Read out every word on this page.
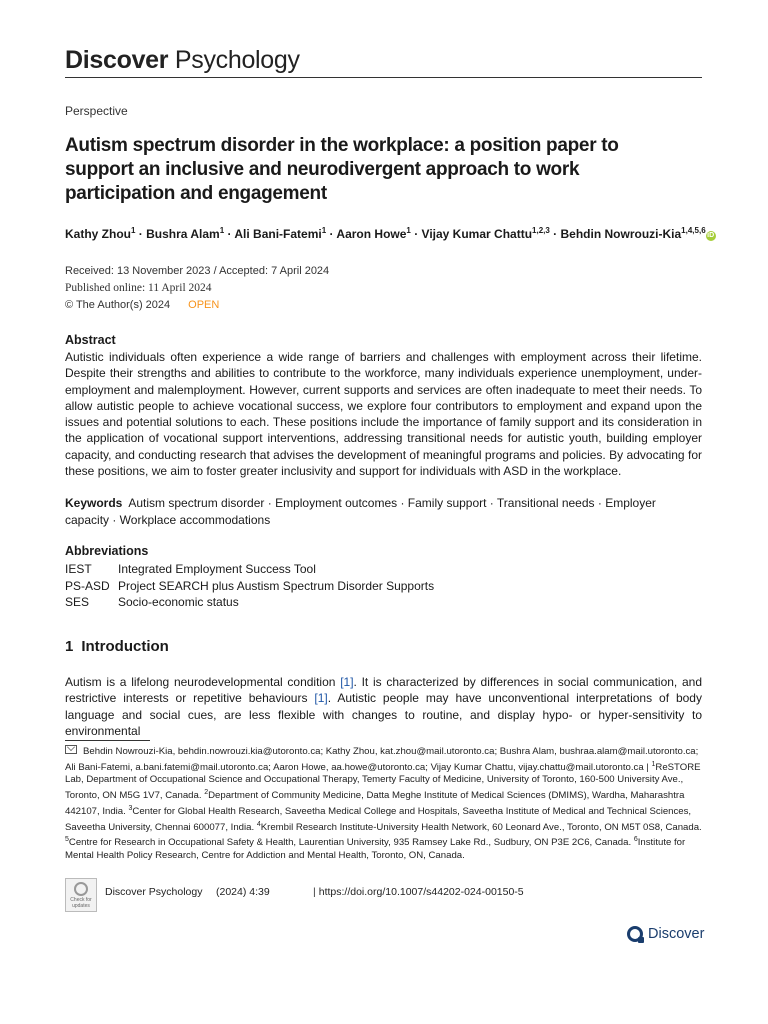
Discover Psychology
Perspective
Autism spectrum disorder in the workplace: a position paper to support an inclusive and neurodivergent approach to work participation and engagement
Kathy Zhou$^1$ · Bushra Alam$^1$ · Ali Bani-Fatemi$^1$ · Aaron Howe$^1$ · Vijay Kumar Chattu$^{1,2,3}$ · Behdin Nowrouzi-Kia$^{1,4,5,6}$iD
Received: 13 November 2023 / Accepted: 7 April 2024
Published online: 11 April 2024
© The Author(s) 2024 OPEN
Abstract
Autistic individuals often experience a wide range of barriers and challenges with employment across their lifetime. Despite their strengths and abilities to contribute to the workforce, many individuals experience unemployment, under-employment and malemployment. However, current supports and services are often inadequate to meet their needs. To allow autistic people to achieve vocational success, we explore four contributors to employment and expand upon the issues and potential solutions to each. These positions include the importance of family support and its consideration in the application of vocational support interventions, addressing transitional needs for autistic youth, building employer capacity, and conducting research that advises the development of meaningful programs and policies. By advocating for these positions, we aim to foster greater inclusivity and support for individuals with ASD in the workplace.
Keywords Autism spectrum disorder · Employment outcomes · Family support · Transitional needs · Employer capacity · Workplace accommodations
Abbreviations
IEST	Integrated Employment Success Tool
PS-ASD Project SEARCH plus Austism Spectrum Disorder Supports
SES	Socio-economic status
1 Introduction
Autism is a lifelong neurodevelopmental condition [1]. It is characterized by differences in social communication, and restrictive interests or repetitive behaviours [1]. Autistic people may have unconventional interpretations of body language and social cues, are less flexible with changes to routine, and display hypo- or hyper-sensitivity to environmental
Behdin Nowrouzi-Kia, behdin.nowrouzi.kia@utoronto.ca; Kathy Zhou, kat.zhou@mail.utoronto.ca; Bushra Alam, bushraa.alam@mail.utoronto.ca; Ali Bani-Fatemi, a.bani.fatemi@mail.utoronto.ca; Aaron Howe, aa.howe@utoronto.ca; Vijay Kumar Chattu, vijay.chattu@mail.utoronto.ca | $^1$ReSTORE Lab, Department of Occupational Science and Occupational Therapy, Temerty Faculty of Medicine, University of Toronto, 160-500 University Ave., Toronto, ON M5G 1V7, Canada. $^2$Department of Community Medicine, Datta Meghe Institute of Medical Sciences (DMIMS), Wardha, Maharashtra 442107, India. $^3$Center for Global Health Research, Saveetha Medical College and Hospitals, Saveetha Institute of Medical and Technical Sciences, Saveetha University, Chennai 600077, India. $^4$Krembil Research Institute-University Health Network, 60 Leonard Ave., Toronto, ON M5T 0S8, Canada. $^5$Centre for Research in Occupational Safety & Health, Laurentian University, 935 Ramsey Lake Rd., Sudbury, ON P3E 2C6, Canada. $^6$Institute for Mental Health Policy Research, Centre for Addiction and Mental Health, Toronto, ON, Canada.
Check for updates
Discover Psychology (2024) 4:39	| https://doi.org/10.1007/s44202-024-00150-5
Discover
